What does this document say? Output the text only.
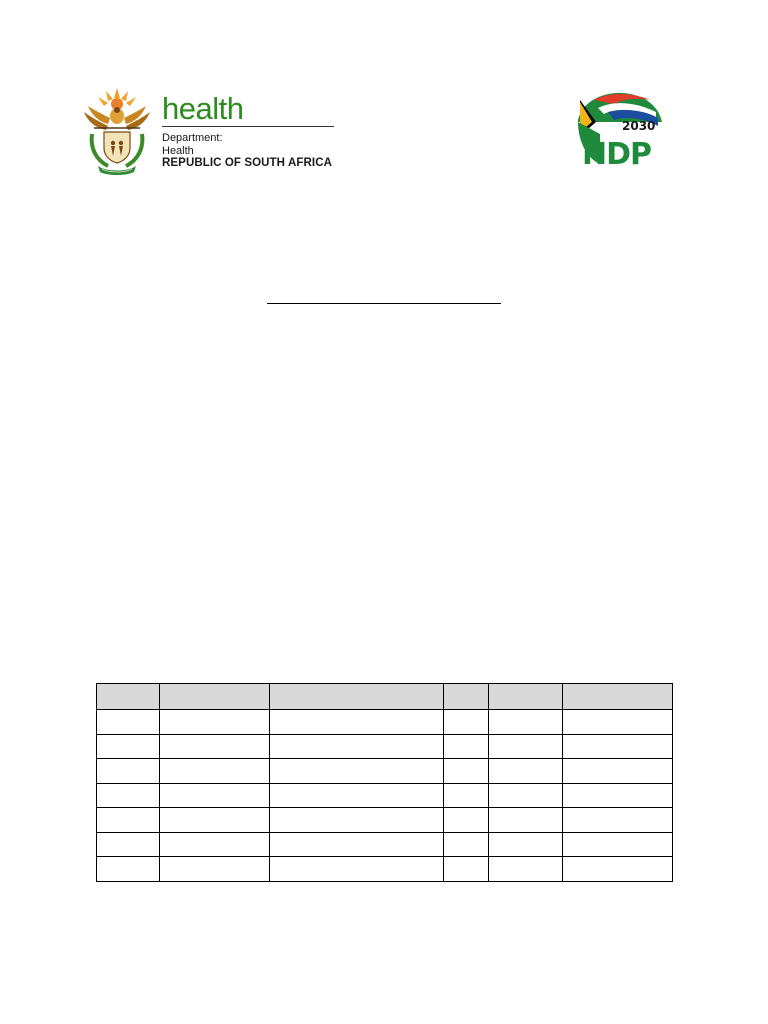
health
Department:
Health
REPUBLIC OF SOUTH AFRICA
2030
NDP
